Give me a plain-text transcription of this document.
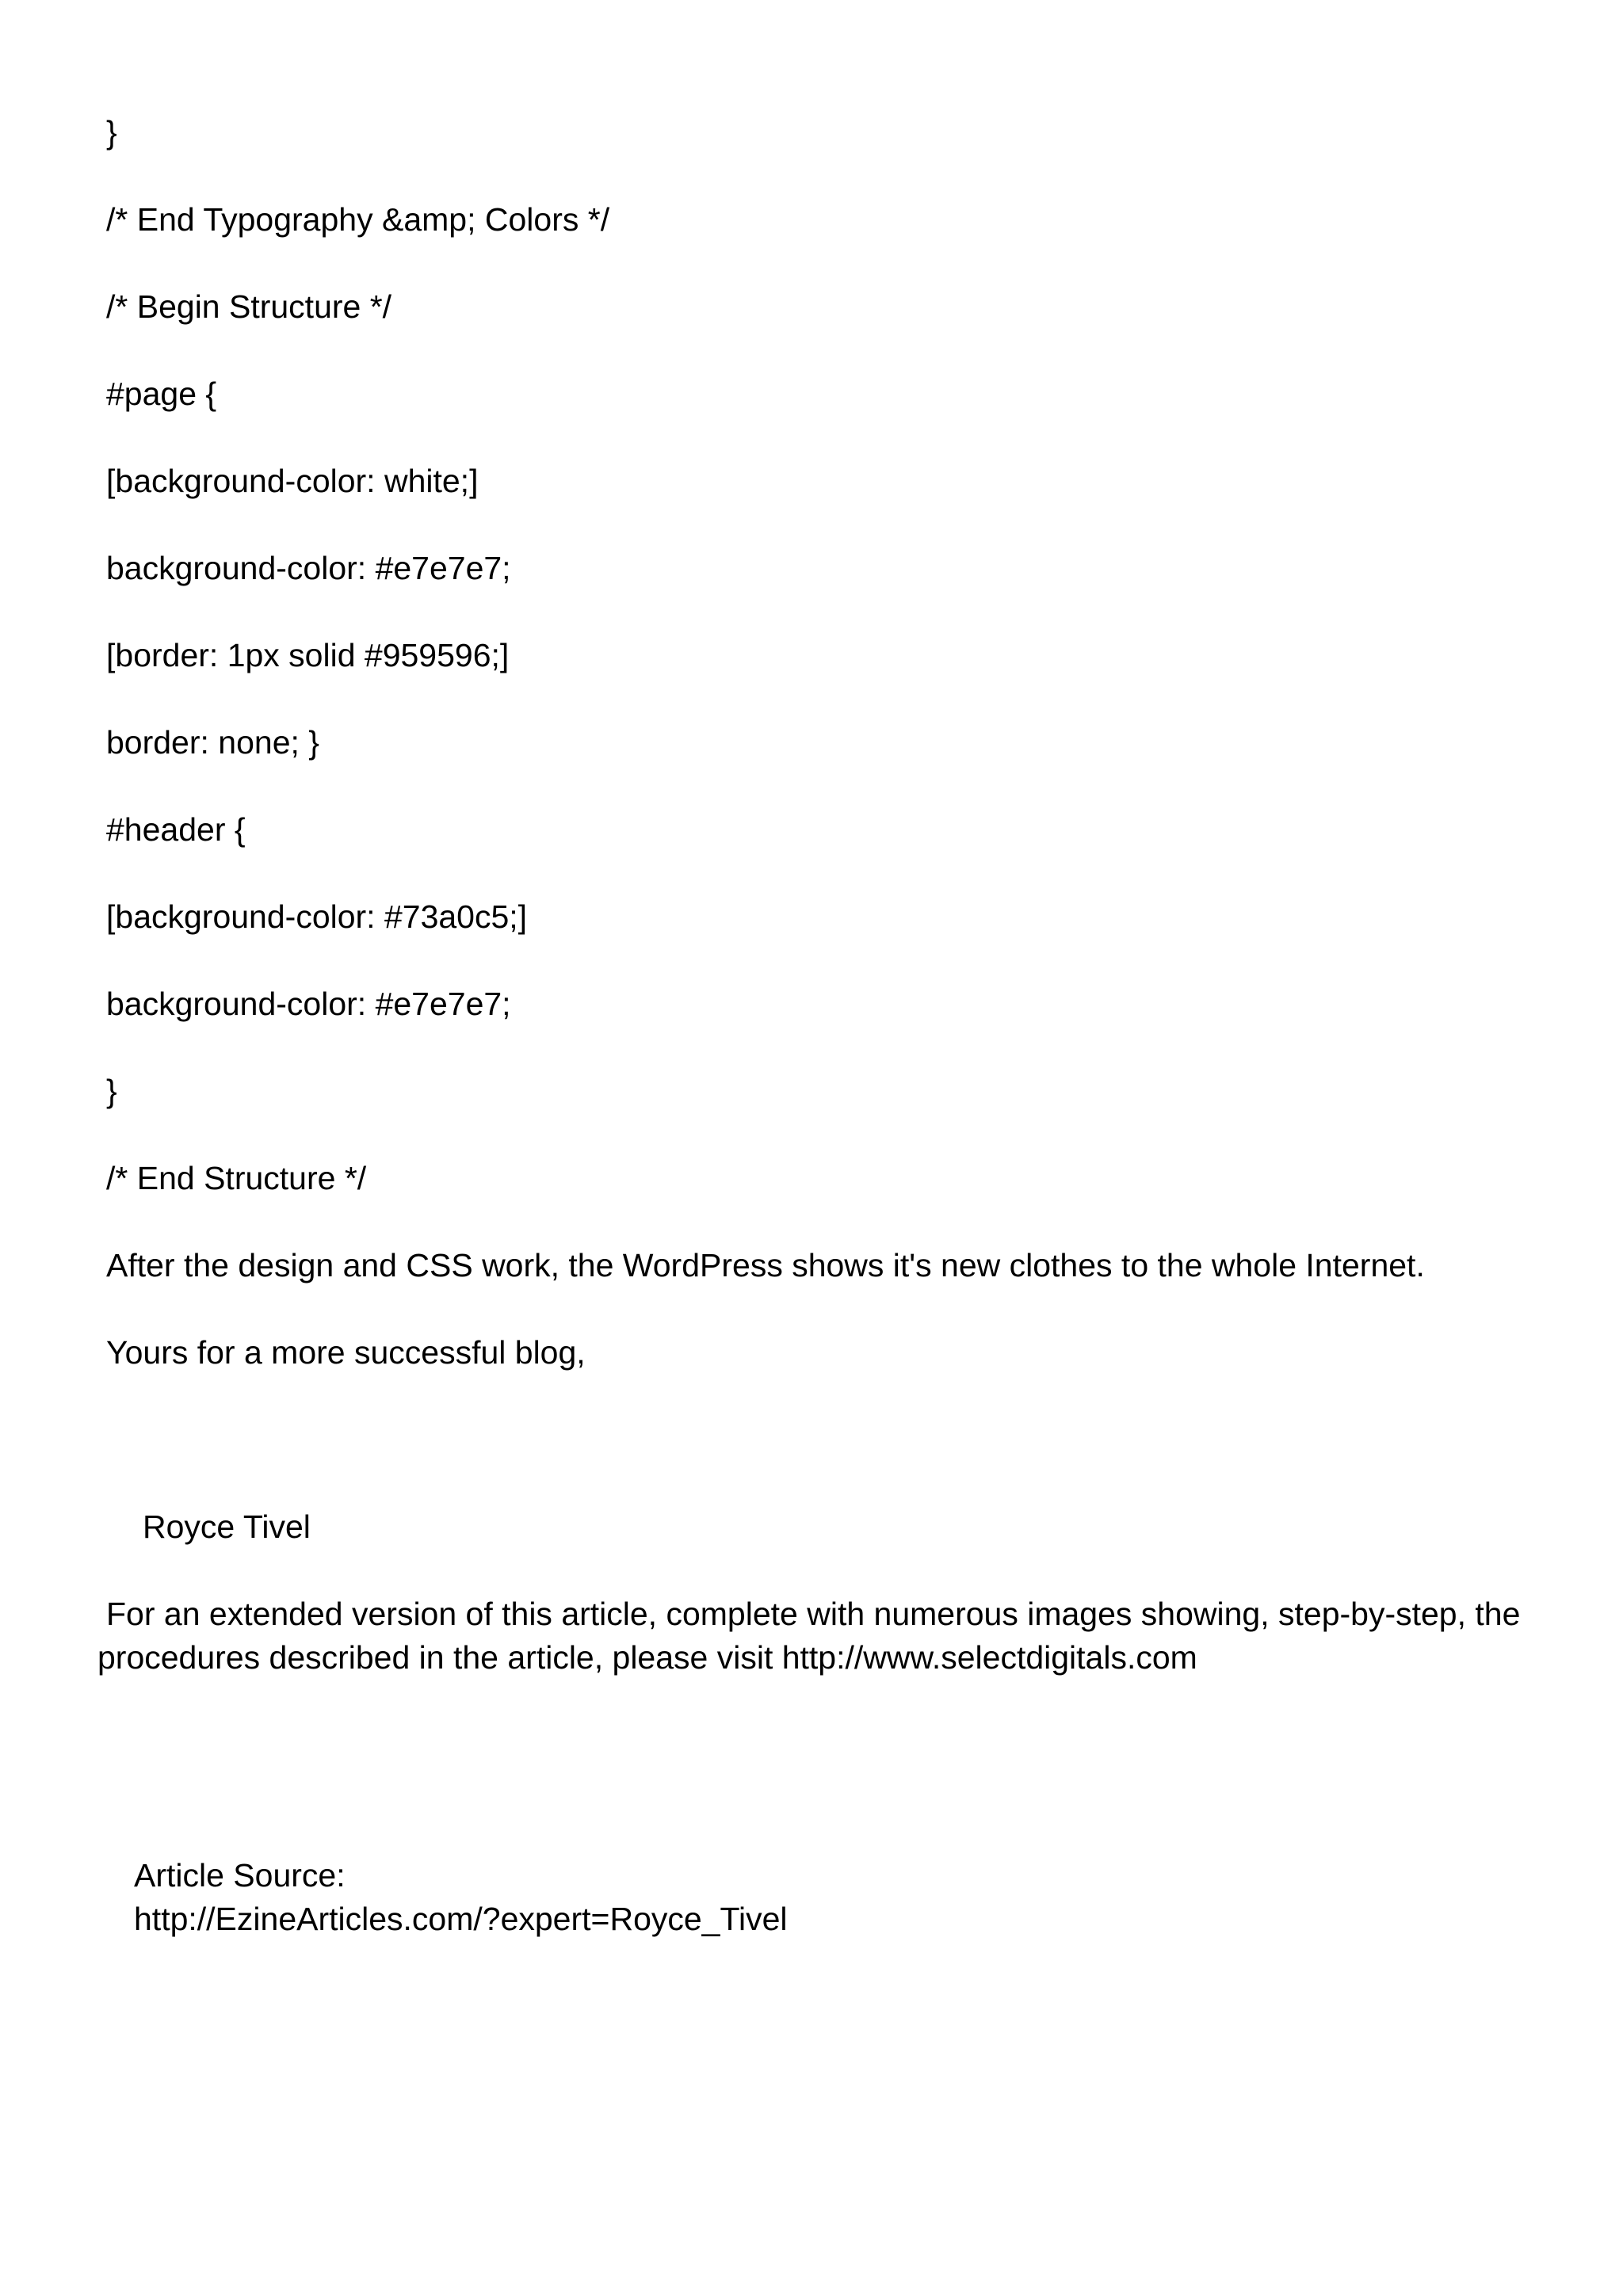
}

/* End Typography &amp; Colors */

/* Begin Structure */

#page {

[background-color: white;]

background-color: #e7e7e7;

[border: 1px solid #959596;]

border: none; }

#header {

[background-color: #73a0c5;]

background-color: #e7e7e7;

}

/* End Structure */

After the design and CSS work, the WordPress shows it's new clothes to the whole Internet.

Yours for a more successful blog,

Royce Tivel

For an extended version of this article, complete with numerous images showing, step-by-step, the

procedures described in the article, please visit http://www.selectdigitals.com

Article Source:

http://EzineArticles.com/?expert=Royce_Tivel
